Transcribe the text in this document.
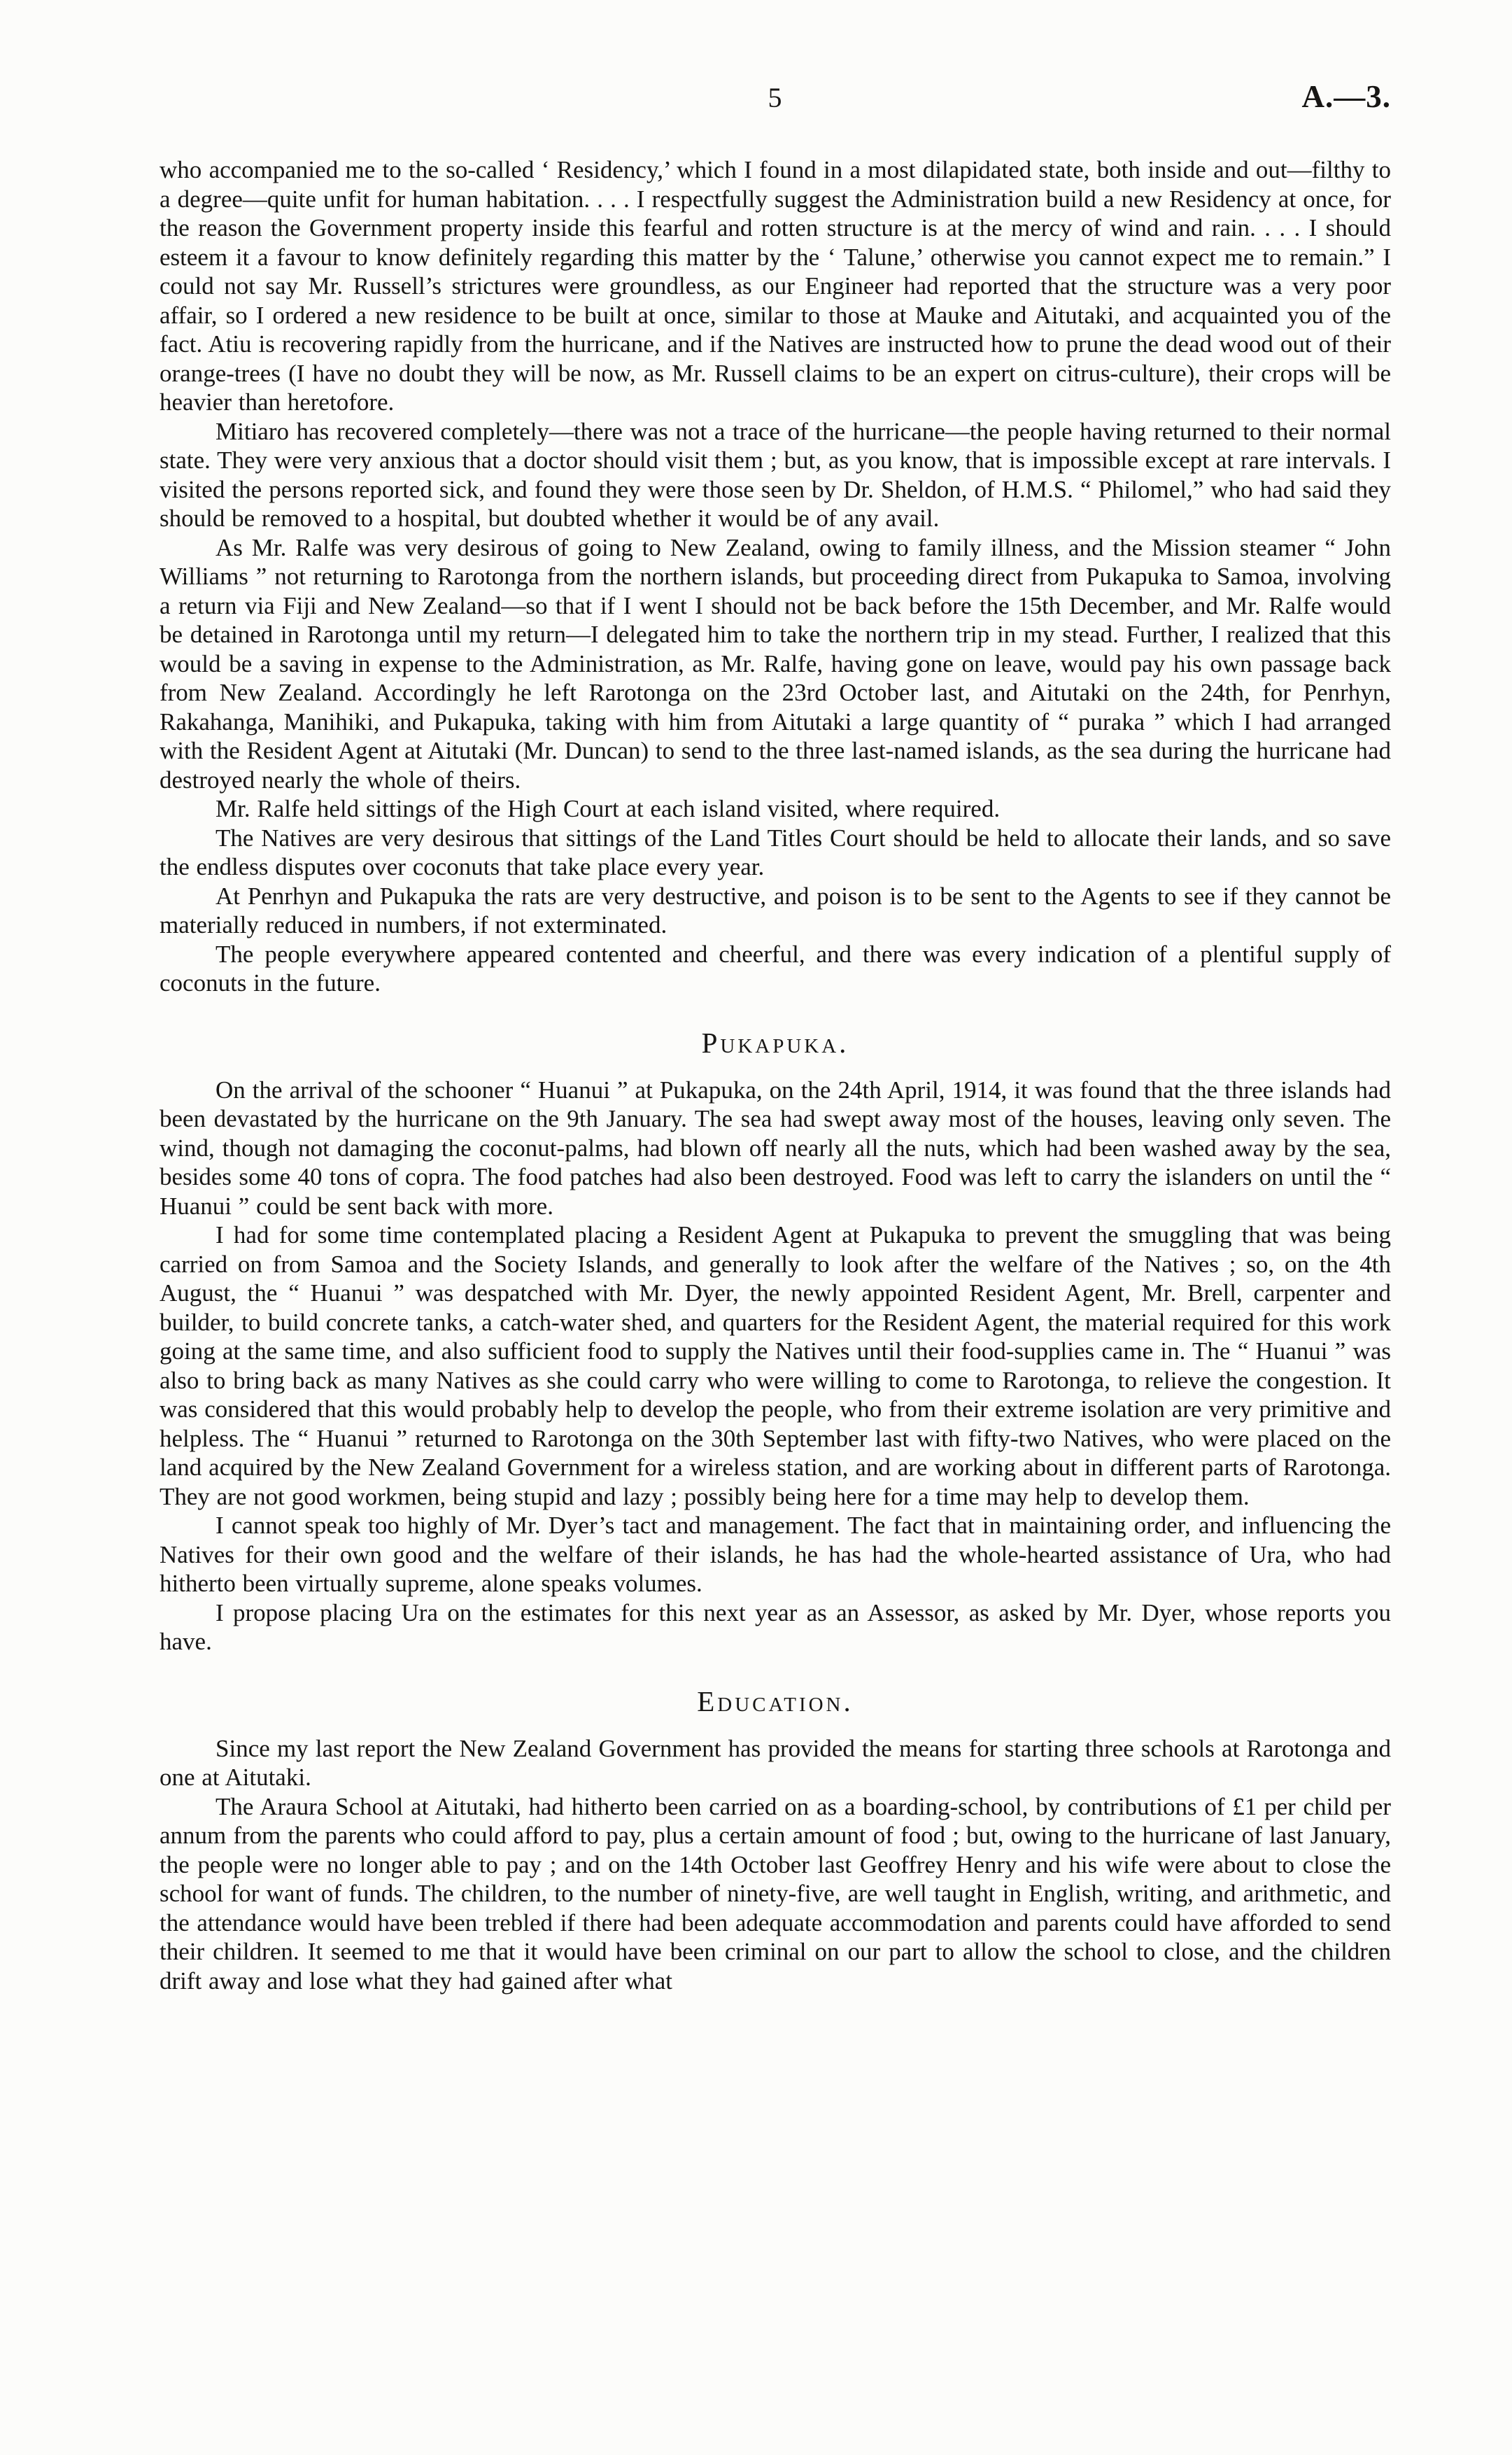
5	A.—3.

who accompanied me to the so-called ‘ Residency,’ which I found in a most dilapidated state, both inside and out—filthy to a degree—quite unfit for human habitation. . . . I respectfully suggest the Administration build a new Residency at once, for the reason the Government property inside this fearful and rotten structure is at the mercy of wind and rain. . . . I should esteem it a favour to know definitely regarding this matter by the ‘ Talune,’ otherwise you cannot expect me to remain.” I could not say Mr. Russell’s strictures were groundless, as our Engineer had reported that the structure was a very poor affair, so I ordered a new residence to be built at once, similar to those at Mauke and Aitutaki, and acquainted you of the fact. Atiu is recovering rapidly from the hurricane, and if the Natives are instructed how to prune the dead wood out of their orange-trees (I have no doubt they will be now, as Mr. Russell claims to be an expert on citrus-culture), their crops will be heavier than heretofore.

Mitiaro has recovered completely—there was not a trace of the hurricane—the people having returned to their normal state. They were very anxious that a doctor should visit them ; but, as you know, that is impossible except at rare intervals. I visited the persons reported sick, and found they were those seen by Dr. Sheldon, of H.M.S. “ Philomel,” who had said they should be removed to a hospital, but doubted whether it would be of any avail.

As Mr. Ralfe was very desirous of going to New Zealand, owing to family illness, and the Mission steamer “ John Williams ” not returning to Rarotonga from the northern islands, but proceeding direct from Pukapuka to Samoa, involving a return via Fiji and New Zealand—so that if I went I should not be back before the 15th December, and Mr. Ralfe would be detained in Rarotonga until my return—I delegated him to take the northern trip in my stead. Further, I realized that this would be a saving in expense to the Administration, as Mr. Ralfe, having gone on leave, would pay his own passage back from New Zealand. Accordingly he left Rarotonga on the 23rd October last, and Aitutaki on the 24th, for Penrhyn, Rakahanga, Manihiki, and Pukapuka, taking with him from Aitutaki a large quantity of “ puraka ” which I had arranged with the Resident Agent at Aitutaki (Mr. Duncan) to send to the three last-named islands, as the sea during the hurricane had destroyed nearly the whole of theirs.

Mr. Ralfe held sittings of the High Court at each island visited, where required.

The Natives are very desirous that sittings of the Land Titles Court should be held to allocate their lands, and so save the endless disputes over coconuts that take place every year.

At Penrhyn and Pukapuka the rats are very destructive, and poison is to be sent to the Agents to see if they cannot be materially reduced in numbers, if not exterminated.

The people everywhere appeared contented and cheerful, and there was every indication of a plentiful supply of coconuts in the future.

Pukapuka.

On the arrival of the schooner “ Huanui ” at Pukapuka, on the 24th April, 1914, it was found that the three islands had been devastated by the hurricane on the 9th January. The sea had swept away most of the houses, leaving only seven. The wind, though not damaging the coconut-palms, had blown off nearly all the nuts, which had been washed away by the sea, besides some 40 tons of copra. The food patches had also been destroyed. Food was left to carry the islanders on until the “ Huanui ” could be sent back with more.

I had for some time contemplated placing a Resident Agent at Pukapuka to prevent the smuggling that was being carried on from Samoa and the Society Islands, and generally to look after the welfare of the Natives ; so, on the 4th August, the “ Huanui ” was despatched with Mr. Dyer, the newly appointed Resident Agent, Mr. Brell, carpenter and builder, to build concrete tanks, a catch-water shed, and quarters for the Resident Agent, the material required for this work going at the same time, and also sufficient food to supply the Natives until their food-supplies came in. The “ Huanui ” was also to bring back as many Natives as she could carry who were willing to come to Rarotonga, to relieve the congestion. It was considered that this would probably help to develop the people, who from their extreme isolation are very primitive and helpless. The “ Huanui ” returned to Rarotonga on the 30th September last with fifty-two Natives, who were placed on the land acquired by the New Zealand Government for a wireless station, and are working about in different parts of Rarotonga. They are not good workmen, being stupid and lazy ; possibly being here for a time may help to develop them.

I cannot speak too highly of Mr. Dyer’s tact and management. The fact that in maintaining order, and influencing the Natives for their own good and the welfare of their islands, he has had the whole-hearted assistance of Ura, who had hitherto been virtually supreme, alone speaks volumes.

I propose placing Ura on the estimates for this next year as an Assessor, as asked by Mr. Dyer, whose reports you have.

Education.

Since my last report the New Zealand Government has provided the means for starting three schools at Rarotonga and one at Aitutaki.

The Araura School at Aitutaki, had hitherto been carried on as a boarding-school, by contributions of £1 per child per annum from the parents who could afford to pay, plus a certain amount of food ; but, owing to the hurricane of last January, the people were no longer able to pay ; and on the 14th October last Geoffrey Henry and his wife were about to close the school for want of funds. The children, to the number of ninety-five, are well taught in English, writing, and arithmetic, and the attendance would have been trebled if there had been adequate accommodation and parents could have afforded to send their children. It seemed to me that it would have been criminal on our part to allow the school to close, and the children drift away and lose what they had gained after what
